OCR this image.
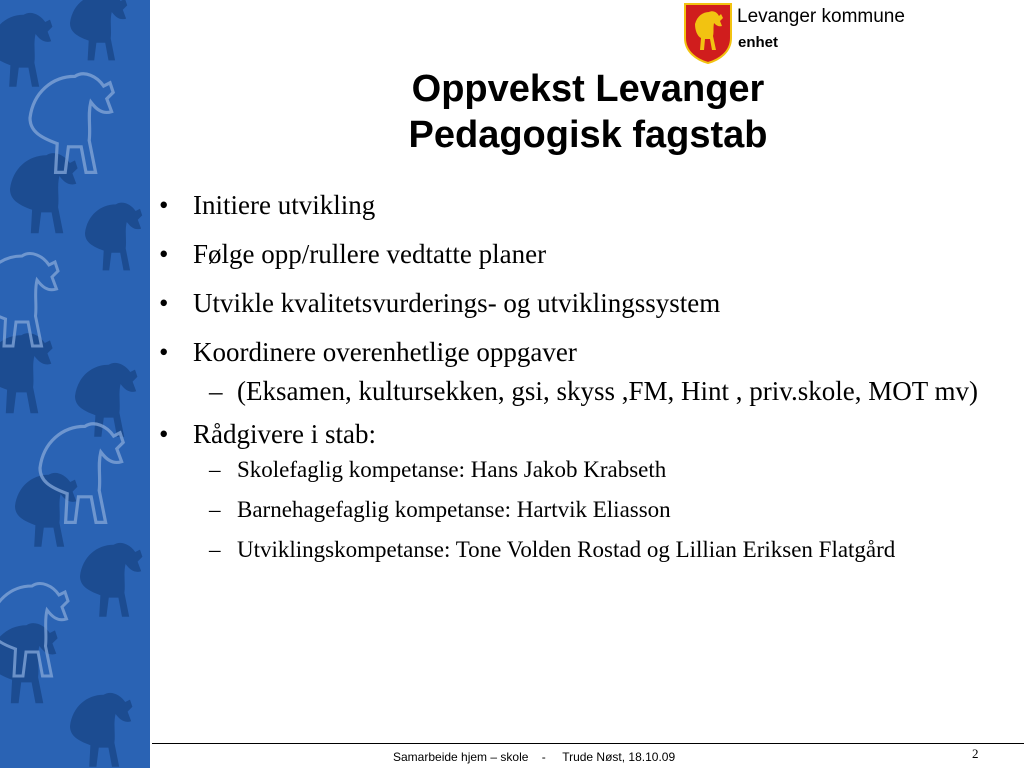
Levanger kommune
enhet
Oppvekst Levanger
Pedagogisk fagstab
• Initiere utvikling
• Følge opp/rullere vedtatte planer
• Utvikle kvalitetsvurderings- og utviklingssystem
• Koordinere overenhetlige oppgaver
– (Eksamen, kultursekken, gsi, skyss ,FM, Hint , priv.skole, MOT mv)
• Rådgivere i stab:
– Skolefaglig kompetanse: Hans Jakob Krabseth
– Barnehagefaglig kompetanse: Hartvik Eliasson
– Utviklingskompetanse: Tone Volden Rostad og Lillian Eriksen Flatgård
Samarbeide hjem – skole    -     Trude Nøst, 18.10.09	2
